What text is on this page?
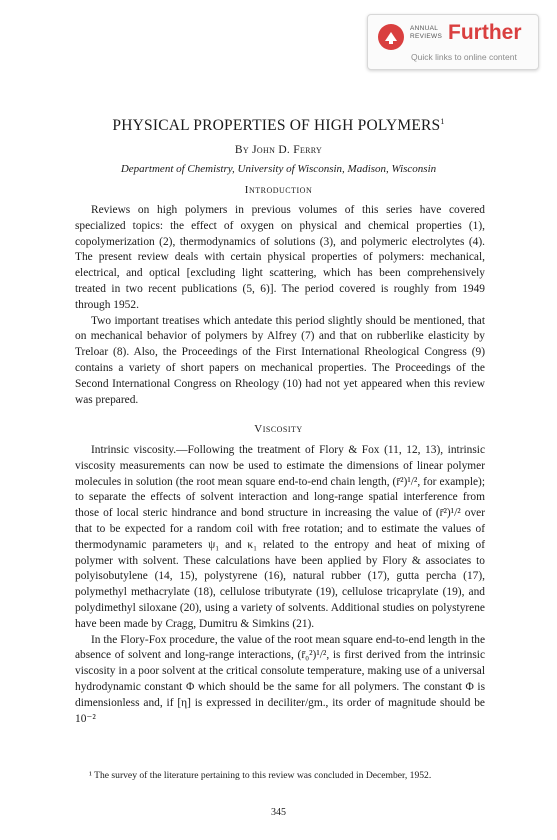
ANNUAL REVIEWS Further
Quick links to online content
PHYSICAL PROPERTIES OF HIGH POLYMERS$^1$
By John D. Ferry
Department of Chemistry, University of Wisconsin, Madison, Wisconsin
Introduction

Reviews on high polymers in previous volumes of this series have covered specialized topics: the effect of oxygen on physical and chemical properties (1), copolymerization (2), thermodynamics of solutions (3), and polymeric electrolytes (4). The present review deals with certain physical properties of polymers: mechanical, electrical, and optical [excluding light scattering, which has been comprehensively treated in two recent publications (5, 6)]. The period covered is roughly from 1949 through 1952.

Two important treatises which antedate this period slightly should be mentioned, that on mechanical behavior of polymers by Alfrey (7) and that on rubberlike elasticity by Treloar (8). Also, the Proceedings of the First International Rheological Congress (9) contains a variety of short papers on mechanical properties. The Proceedings of the Second International Congress on Rheology (10) had not yet appeared when this review was prepared.

Viscosity

Intrinsic viscosity.—Following the treatment of Flory & Fox (11, 12, 13), intrinsic viscosity measurements can now be used to estimate the dimensions of linear polymer molecules in solution (the root mean square end-to-end chain length, (r̄²)¹/², for example); to separate the effects of solvent interaction and long-range spatial interference from those of local steric hindrance and bond structure in increasing the value of (r̄²)¹/² over that to be expected for a random coil with free rotation; and to estimate the values of thermodynamic parameters ψ₁ and κ₁ related to the entropy and heat of mixing of polymer with solvent. These calculations have been applied by Flory & associates to polyisobutylene (14, 15), polystyrene (16), natural rubber (17), gutta percha (17), polymethyl methacrylate (18), cellulose tributyrate (19), cellulose tricaprylate (19), and polydimethyl siloxane (20), using a variety of solvents. Additional studies on polystyrene have been made by Cragg, Dumitru & Simkins (21).

In the Flory-Fox procedure, the value of the root mean square end-to-end length in the absence of solvent and long-range interactions, (r̄₀²)¹/², is first derived from the intrinsic viscosity in a poor solvent at the critical consolute temperature, making use of a universal hydrodynamic constant Φ which should be the same for all polymers. The constant Φ is dimensionless and, if [η] is expressed in deciliter/gm., its order of magnitude should be 10⁻²

¹ The survey of the literature pertaining to this review was concluded in December, 1952.
345
